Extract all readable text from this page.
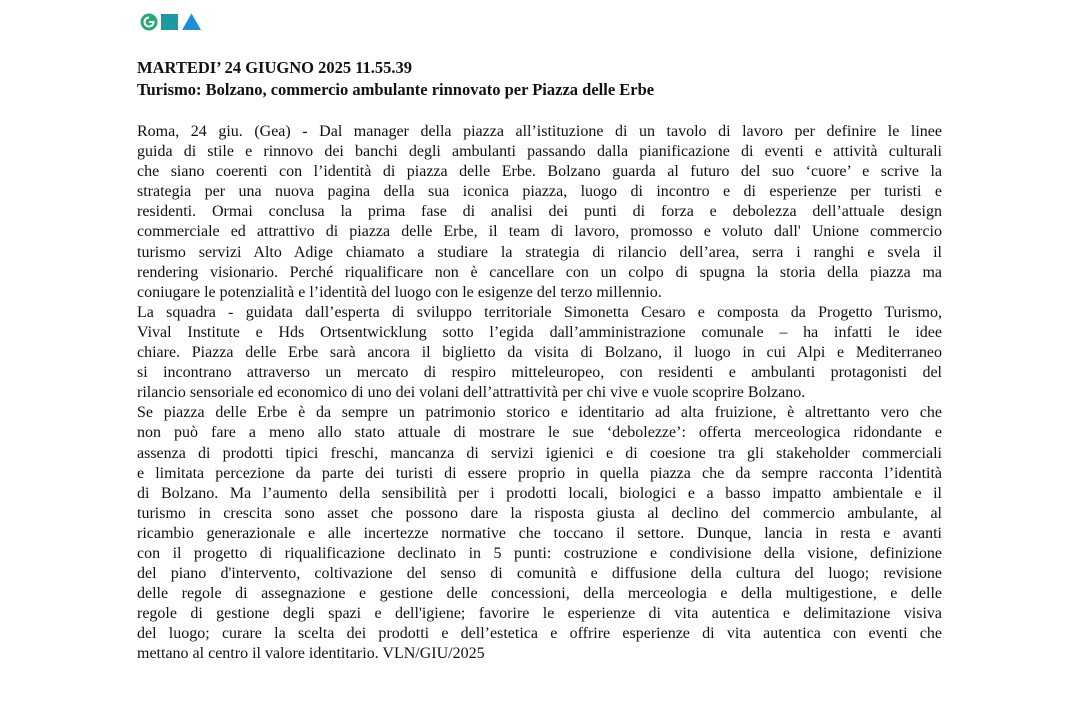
MARTEDI’ 24 GIUGNO 2025 11.55.39
Turismo: Bolzano, commercio ambulante rinnovato per Piazza delle Erbe
Roma, 24 giu. (Gea) - Dal manager della piazza all’istituzione di un tavolo di lavoro per definire le linee
guida di stile e rinnovo dei banchi degli ambulanti passando dalla pianificazione di eventi e attività culturali
che siano coerenti con l’identità di piazza delle Erbe. Bolzano guarda al futuro del suo ‘cuore’ e scrive la
strategia per una nuova pagina della sua iconica piazza, luogo di incontro e di esperienze per turisti e
residenti. Ormai conclusa la prima fase di analisi dei punti di forza e debolezza dell’attuale design
commerciale ed attrattivo di piazza delle Erbe, il team di lavoro, promosso e voluto dall' Unione commercio
turismo servizi Alto Adige chiamato a studiare la strategia di rilancio dell’area, serra i ranghi e svela il
rendering visionario. Perché riqualificare non è cancellare con un colpo di spugna la storia della piazza ma
coniugare le potenzialità e l’identità del luogo con le esigenze del terzo millennio.
La squadra - guidata dall’esperta di sviluppo territoriale Simonetta Cesaro e composta da Progetto Turismo,
Vival Institute e Hds Ortsentwicklung sotto l’egida dall’amministrazione comunale – ha infatti le idee
chiare. Piazza delle Erbe sarà ancora il biglietto da visita di Bolzano, il luogo in cui Alpi e Mediterraneo
si incontrano attraverso un mercato di respiro mitteleuropeo, con residenti e ambulanti protagonisti del
rilancio sensoriale ed economico di uno dei volani dell’attrattività per chi vive e vuole scoprire Bolzano.
Se piazza delle Erbe è da sempre un patrimonio storico e identitario ad alta fruizione, è altrettanto vero che
non può fare a meno allo stato attuale di mostrare le sue ‘debolezze’: offerta merceologica ridondante e
assenza di prodotti tipici freschi, mancanza di servizi igienici e di coesione tra gli stakeholder commerciali
e limitata percezione da parte dei turisti di essere proprio in quella piazza che da sempre racconta l’identità
di Bolzano. Ma l’aumento della sensibilità per i prodotti locali, biologici e a basso impatto ambientale e il
turismo in crescita sono asset che possono dare la risposta giusta al declino del commercio ambulante, al
ricambio generazionale e alle incertezze normative che toccano il settore. Dunque, lancia in resta e avanti
con il progetto di riqualificazione declinato in 5 punti: costruzione e condivisione della visione, definizione
del piano d'intervento, coltivazione del senso di comunità e diffusione della cultura del luogo; revisione
delle regole di assegnazione e gestione delle concessioni, della merceologia e della multigestione, e delle
regole di gestione degli spazi e dell'igiene; favorire le esperienze di vita autentica e delimitazione visiva
del luogo; curare la scelta dei prodotti e dell’estetica e offrire esperienze di vita autentica con eventi che
mettano al centro il valore identitario. VLN/GIU/2025
